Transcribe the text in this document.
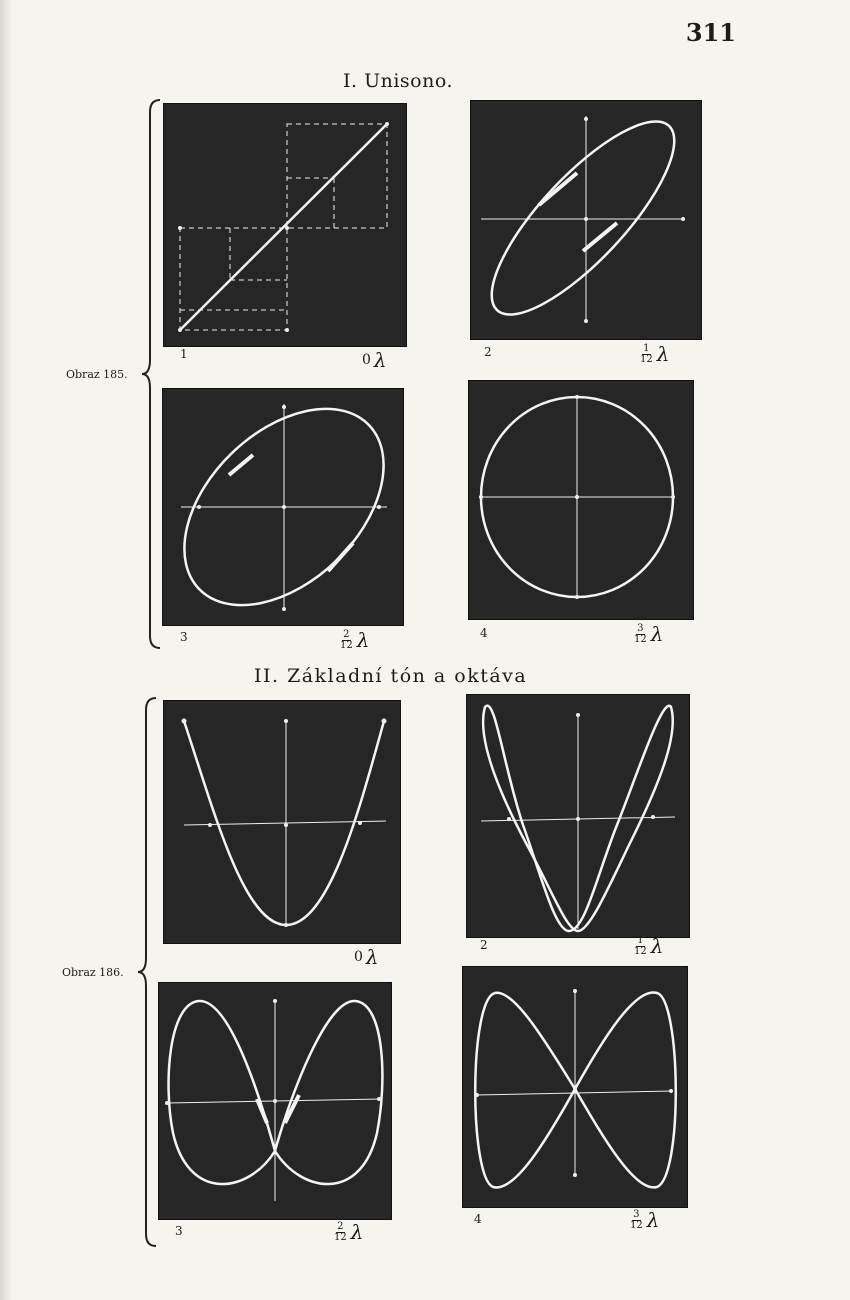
311
I. Unisono.
Obraz 185.
1	0 λ	2	$\frac{1}{12}$ λ
3	$\frac{2}{12}$ λ	4	$\frac{3}{12}$ λ
II. Základní tón a oktáva
Obraz 186.
0 λ	2	$\frac{1}{12}$ λ
3	$\frac{2}{12}$ λ
4	$\frac{3}{12}$ λ
